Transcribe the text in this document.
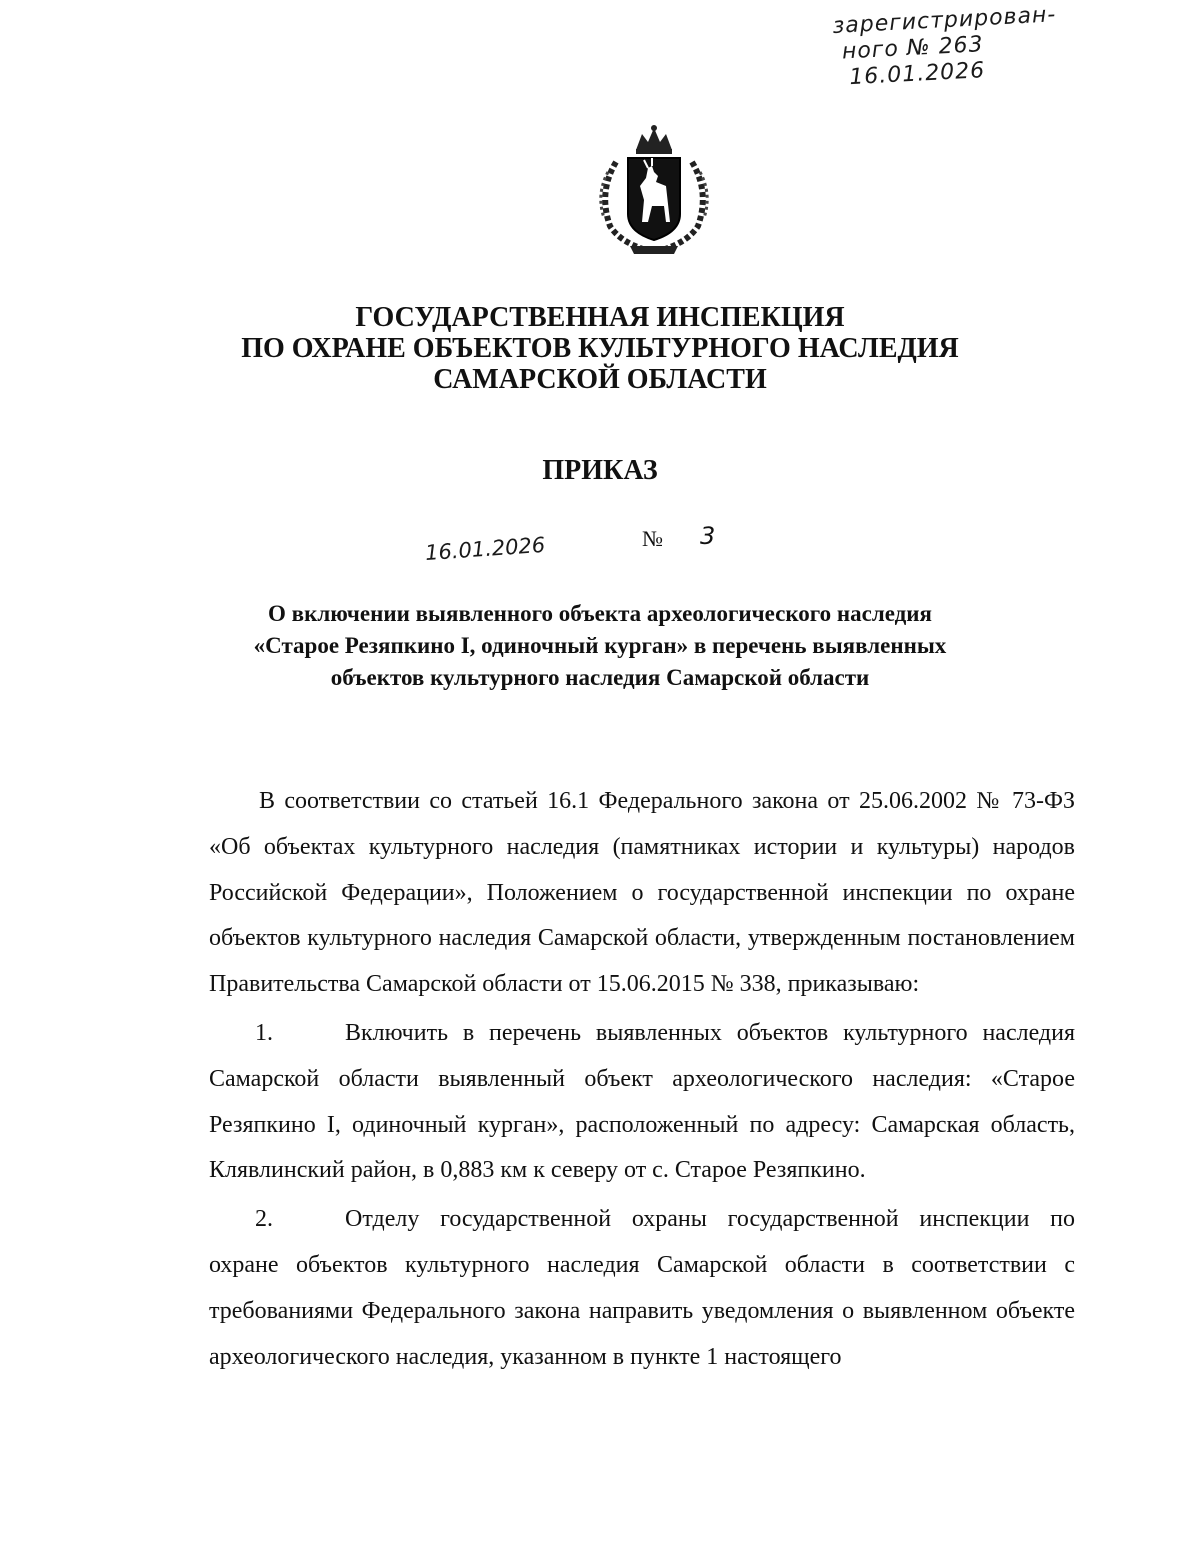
зарегистрирован-
ного № 263
16.01.2026
ГОСУДАРСТВЕННАЯ ИНСПЕКЦИЯ
ПО ОХРАНЕ ОБЪЕКТОВ КУЛЬТУРНОГО НАСЛЕДИЯ
САМАРСКОЙ ОБЛАСТИ
ПРИКАЗ
16.01.2026	№ 3
О включении выявленного объекта археологического наследия
«Старое Резяпкино I, одиночный курган» в перечень выявленных
объектов культурного наследия Самарской области

В соответствии со статьей 16.1 Федерального закона от 25.06.2002 № 73-ФЗ «Об объектах культурного наследия (памятниках истории и культуры) народов Российской Федерации», Положением о государственной инспекции по охране объектов культурного наследия Самарской области, утвержденным постановлением Правительства Самарской области от 15.06.2015 № 338, приказываю:

1.	Включить в перечень выявленных объектов культурного наследия Самарской области выявленный объект археологического наследия: «Старое Резяпкино I, одиночный курган», расположенный по адресу: Самарская область, Клявлинский район, в 0,883 км к северу от с. Старое Резяпкино.

2.	Отделу государственной охраны государственной инспекции по охране объектов культурного наследия Самарской области в соответствии с требованиями Федерального закона направить уведомления о выявленном объекте археологического наследия, указанном в пункте 1 настоящего
